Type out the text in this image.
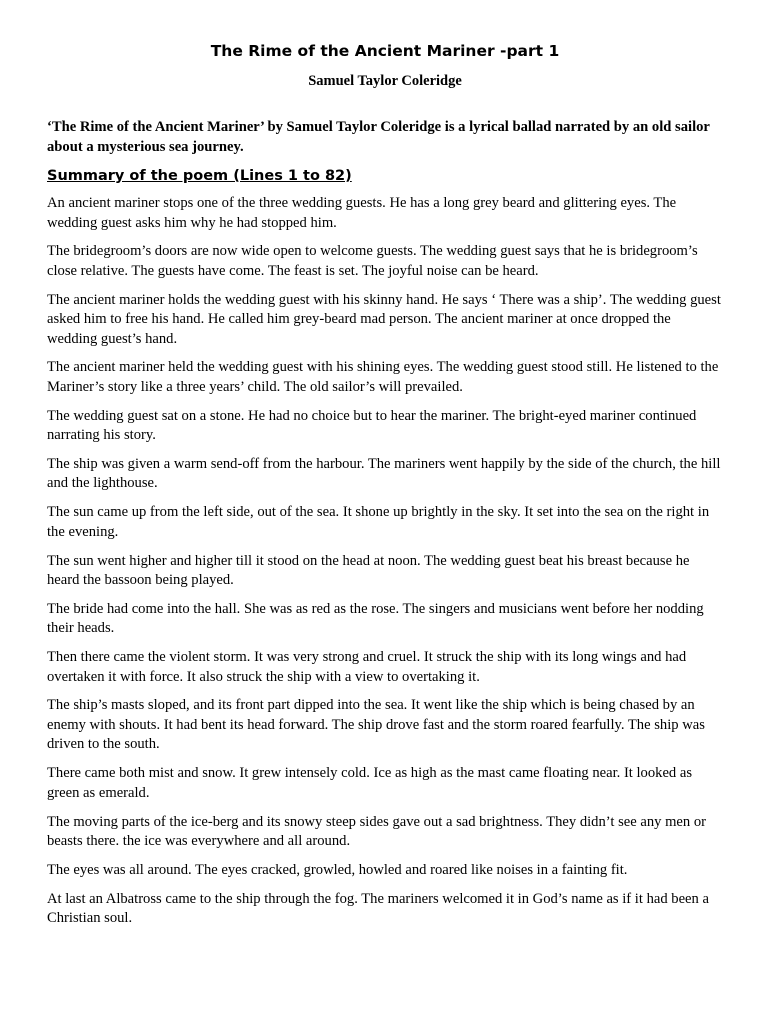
The Rime of the Ancient Mariner -part 1

Samuel Taylor Coleridge

‘The Rime of the Ancient Mariner’ by Samuel Taylor Coleridge is a lyrical ballad narrated by an old sailor about a mysterious sea journey.

Summary of the poem (Lines 1 to 82)

An ancient mariner stops one of the three wedding guests. He has a long grey beard and glittering eyes. The wedding guest asks him why he had stopped him.

The bridegroom’s doors are now wide open to welcome guests. The wedding guest says that he is bridegroom’s close relative. The guests have come. The feast is set. The joyful noise can be heard.

The ancient mariner holds the wedding guest with his skinny hand. He says ‘ There was a ship’. The wedding guest asked him to free his hand. He called him grey-beard mad person. The ancient mariner at once dropped the wedding guest’s hand.

The ancient mariner held the wedding guest with his shining eyes. The wedding guest stood still. He listened to the Mariner’s story like a three years’ child. The old sailor’s will prevailed.

The wedding guest sat on a stone. He had no choice but to hear the mariner. The bright-eyed mariner continued narrating his story.

The ship was given a warm send-off from the harbour. The mariners went happily by the side of the church, the hill and the lighthouse.

The sun came up from the left side, out of the sea. It shone up brightly in the sky. It set into the sea on the right in the evening.

The sun went higher and higher till it stood on the head at noon. The wedding guest beat his breast because he heard the bassoon being played.

The bride had come into the hall. She was as red as the rose. The singers and musicians went before her nodding their heads.

Then there came the violent storm. It was very strong and cruel. It struck the ship with its long wings and had overtaken it with force. It also struck the ship with a view to overtaking it.

The ship’s masts sloped, and its front part dipped into the sea. It went like the ship which is being chased by an enemy with shouts. It had bent its head forward. The ship drove fast and the storm roared fearfully. The ship was driven to the south.

There came both mist and snow. It grew intensely cold. Ice as high as the mast came floating near. It looked as green as emerald.

The moving parts of the ice-berg and its snowy steep sides gave out a sad brightness. They didn’t see any men or beasts there. the ice was everywhere and all around.

The eyes was all around. The eyes cracked, growled, howled and roared like noises in a fainting fit.

At last an Albatross came to the ship through the fog. The mariners welcomed it in God’s name as if it had been a Christian soul.
